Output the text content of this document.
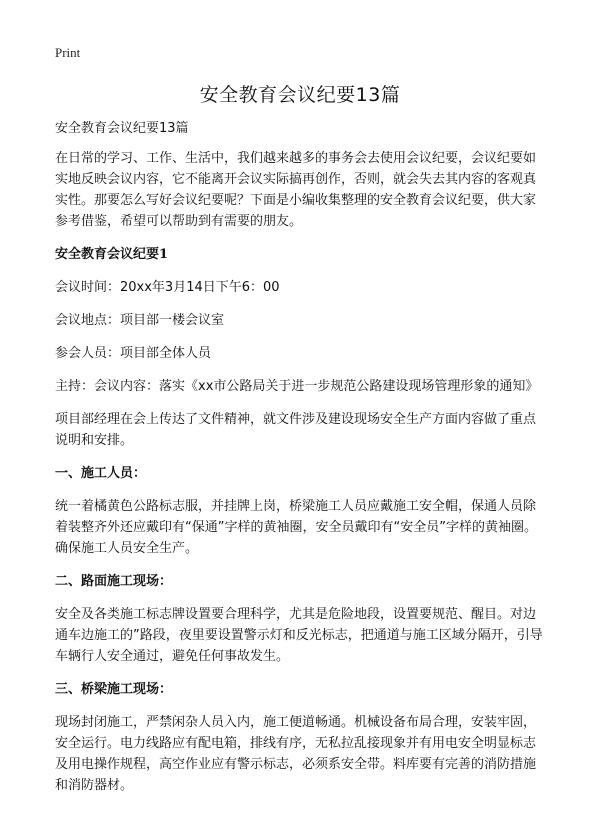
Print
安全教育会议纪要13篇

安全教育会议纪要13篇

在日常的学习、工作、生活中，我们越来越多的事务会去使用会议纪要，会议纪要如实地反映会议内容，它不能离开会议实际搞再创作，否则，就会失去其内容的客观真实性。那要怎么写好会议纪要呢？下面是小编收集整理的安全教育会议纪要，供大家参考借鉴，希望可以帮助到有需要的朋友。

安全教育会议纪要1

会议时间：20xx年3月14日下午6：00

会议地点：项目部一楼会议室

参会人员：项目部全体人员

主持：会议内容：落实《xx市公路局关于进一步规范公路建设现场管理形象的通知》

项目部经理在会上传达了文件精神，就文件涉及建设现场安全生产方面内容做了重点说明和安排。

一、施工人员：

统一着橘黄色公路标志服，并挂牌上岗，桥梁施工人员应戴施工安全帽，保通人员除着装整齐外还应戴印有“保通”字样的黄袖圈，安全员戴印有“安全员”字样的黄袖圈。确保施工人员安全生产。

二、路面施工现场：

安全及各类施工标志牌设置要合理科学，尤其是危险地段，设置要规范、醒目。对边通车边施工的”路段，夜里要设置警示灯和反光标志，把通道与施工区域分隔开，引导车辆行人安全通过，避免任何事故发生。

三、桥梁施工现场：

现场封闭施工，严禁闲杂人员入内，施工便道畅通。机械设备布局合理，安装牢固，安全运行。电力线路应有配电箱，排线有序，无私拉乱接现象并有用电安全明显标志及用电操作规程，高空作业应有警示标志，必须系安全带。料库要有完善的消防措施和消防器材。
